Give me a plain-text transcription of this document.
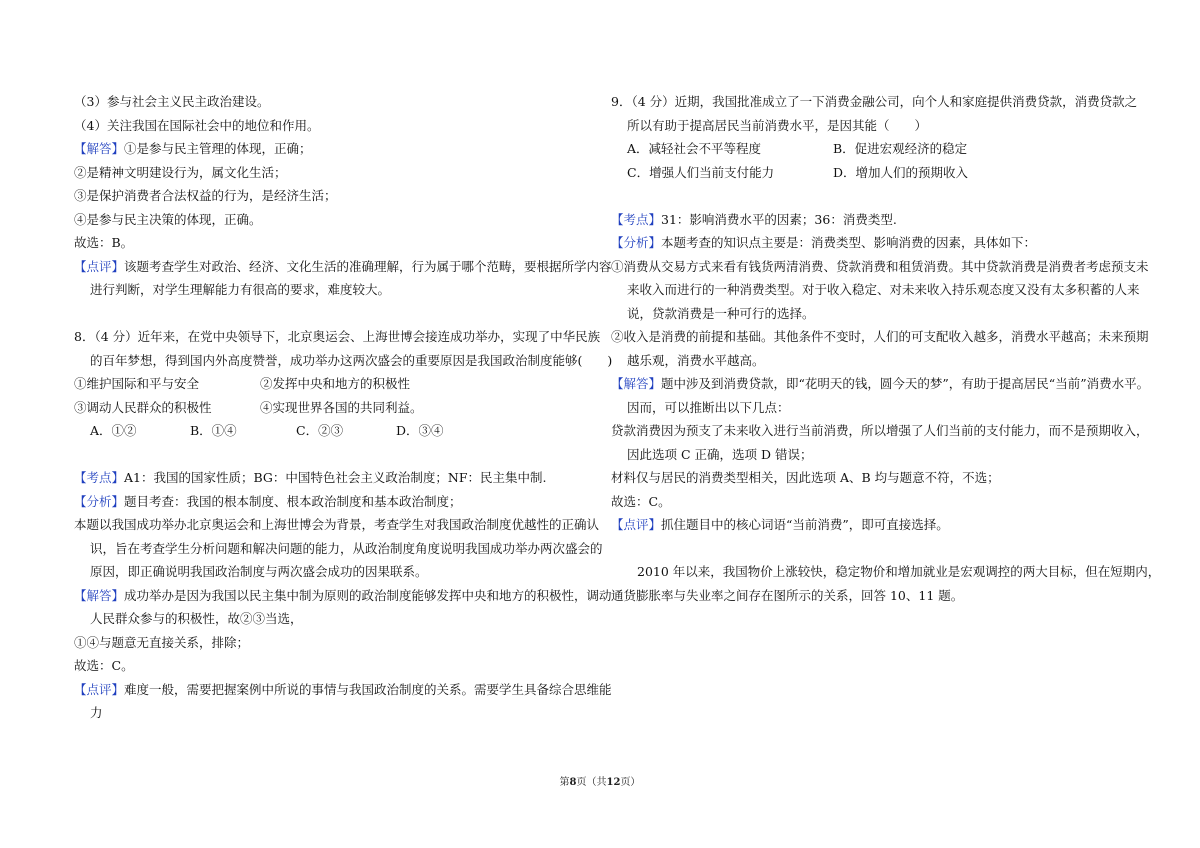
（3）参与社会主义民主政治建设。
（4）关注我国在国际社会中的地位和作用。
【解答】①是参与民主管理的体现，正确；
②是精神文明建设行为，属文化生活；
③是保护消费者合法权益的行为，是经济生活；
④是参与民主决策的体现，正确。
故选：B。
【点评】该题考查学生对政治、经济、文化生活的准确理解，行为属于哪个范畴，要根据所学内容
进行判断，对学生理解能力有很高的要求，难度较大。
8．（4 分）近年来，在党中央领导下，北京奥运会、上海世博会接连成功举办，实现了中华民族
的百年梦想，得到国内外高度赞誉，成功举办这两次盛会的重要原因是我国政治制度能够(　　)
①维护国际和平与安全	②发挥中央和地方的积极性
③调动人民群众的积极性	④实现世界各国的共同利益。
A．①②	B．①④	C．②③	D．③④
【考点】A1：我国的国家性质；BG：中国特色社会主义政治制度；NF：民主集中制.
【分析】题目考查：我国的根本制度、根本政治制度和基本政治制度；
本题以我国成功举办北京奥运会和上海世博会为背景，考查学生对我国政治制度优越性的正确认
识，旨在考查学生分析问题和解决问题的能力，从政治制度角度说明我国成功举办两次盛会的
原因，即正确说明我国政治制度与两次盛会成功的因果联系。
【解答】成功举办是因为我国以民主集中制为原则的政治制度能够发挥中央和地方的积极性，调动
人民群众参与的积极性，故②③当选，
①④与题意无直接关系，排除；
故选：C。
【点评】难度一般，需要把握案例中所说的事情与我国政治制度的关系。需要学生具备综合思维能
力
9．（4 分）近期，我国批准成立了一下消费金融公司，向个人和家庭提供消费贷款，消费贷款之
所以有助于提高居民当前消费水平，是因其能（　　）
A．减轻社会不平等程度	B．促进宏观经济的稳定
C．增强人们当前支付能力	D．增加人们的预期收入
【考点】31：影响消费水平的因素；36：消费类型.
【分析】本题考查的知识点主要是：消费类型、影响消费的因素，具体如下：
①消费从交易方式来看有钱货两清消费、贷款消费和租赁消费。其中贷款消费是消费者考虑预支未
来收入而进行的一种消费类型。对于收入稳定、对未来收入持乐观态度又没有太多积蓄的人来
说，贷款消费是一种可行的选择。
②收入是消费的前提和基础。其他条件不变时，人们的可支配收入越多，消费水平越高；未来预期
越乐观，消费水平越高。
【解答】题中涉及到消费贷款，即“花明天的钱，圆今天的梦”，有助于提高居民“当前”消费水平。
因而，可以推断出以下几点：
贷款消费因为预支了未来收入进行当前消费，所以增强了人们当前的支付能力，而不是预期收入，
因此选项 C 正确，选项 D 错误；
材料仅与居民的消费类型相关，因此选项 A、B 均与题意不符，不选；
故选：C。
【点评】抓住题目中的核心词语“当前消费”，即可直接选择。
2010 年以来，我国物价上涨较快，稳定物价和增加就业是宏观调控的两大目标，但在短期内，
通货膨胀率与失业率之间存在图所示的关系，回答 10、11 题。
第8页（共12页）
